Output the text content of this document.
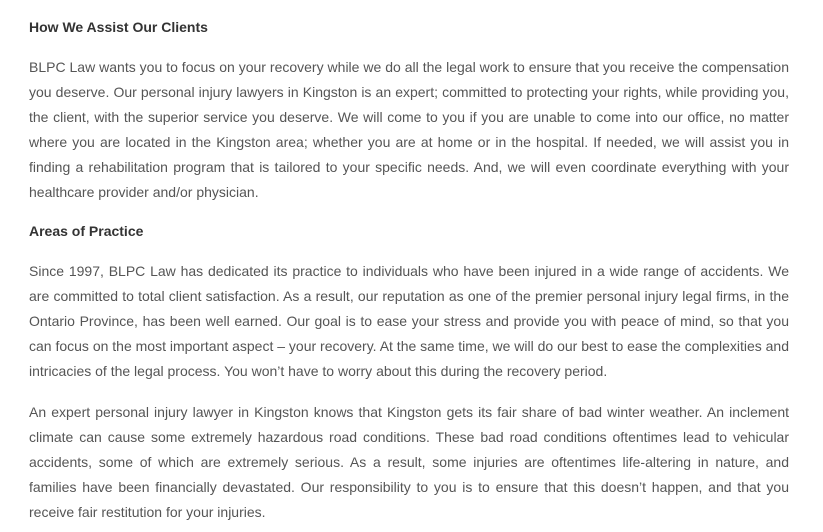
How We Assist Our Clients

BLPC Law wants you to focus on your recovery while we do all the legal work to ensure that you receive the compensation you deserve. Our personal injury lawyers in Kingston is an expert; committed to protecting your rights, while providing you, the client, with the superior service you deserve. We will come to you if you are unable to come into our office, no matter where you are located in the Kingston area; whether you are at home or in the hospital. If needed, we will assist you in finding a rehabilitation program that is tailored to your specific needs. And, we will even coordinate everything with your healthcare provider and/or physician.

Areas of Practice

Since 1997, BLPC Law has dedicated its practice to individuals who have been injured in a wide range of accidents. We are committed to total client satisfaction. As a result, our reputation as one of the premier personal injury legal firms, in the Ontario Province, has been well earned. Our goal is to ease your stress and provide you with peace of mind, so that you can focus on the most important aspect – your recovery. At the same time, we will do our best to ease the complexities and intricacies of the legal process. You won’t have to worry about this during the recovery period.

An expert personal injury lawyer in Kingston knows that Kingston gets its fair share of bad winter weather. An inclement climate can cause some extremely hazardous road conditions. These bad road conditions oftentimes lead to vehicular accidents, some of which are extremely serious. As a result, some injuries are oftentimes life-altering in nature, and families have been financially devastated. Our responsibility to you is to ensure that this doesn’t happen, and that you receive fair restitution for your injuries.
